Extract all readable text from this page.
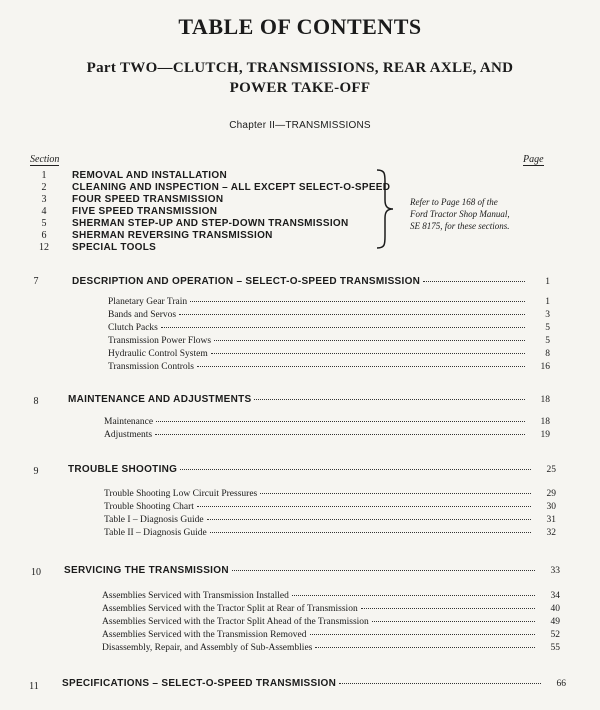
TABLE OF CONTENTS
Part TWO—CLUTCH, TRANSMISSIONS, REAR AXLE, AND
POWER TAKE-OFF
Chapter II—TRANSMISSIONS
Section	Page
1	REMOVAL AND INSTALLATION
2	CLEANING AND INSPECTION – ALL EXCEPT SELECT-O-SPEED
3	FOUR SPEED TRANSMISSION
4	FIVE SPEED TRANSMISSION
5	SHERMAN STEP-UP AND STEP-DOWN TRANSMISSION
6	SHERMAN REVERSING TRANSMISSION
12	SPECIAL TOOLS
Refer to Page 168 of the
Ford Tractor Shop Manual,
SE 8175, for these sections.
7	DESCRIPTION AND OPERATION – SELECT-O-SPEED TRANSMISSION	1
Planetary Gear Train	1
Bands and Servos	3
Clutch Packs	5
Transmission Power Flows	5
Hydraulic Control System	8
Transmission Controls	16
8	MAINTENANCE AND ADJUSTMENTS	18
Maintenance	18
Adjustments	19
9	TROUBLE SHOOTING	25
Trouble Shooting Low Circuit Pressures	29
Trouble Shooting Chart	30
Table I – Diagnosis Guide	31
Table II – Diagnosis Guide	32
10	SERVICING THE TRANSMISSION	33
Assemblies Serviced with Transmission Installed	34
Assemblies Serviced with the Tractor Split at Rear of Transmission	40
Assemblies Serviced with the Tractor Split Ahead of the Transmission	49
Assemblies Serviced with the Transmission Removed	52
Disassembly, Repair, and Assembly of Sub-Assemblies	55
11	SPECIFICATIONS – SELECT-O-SPEED TRANSMISSION	66
